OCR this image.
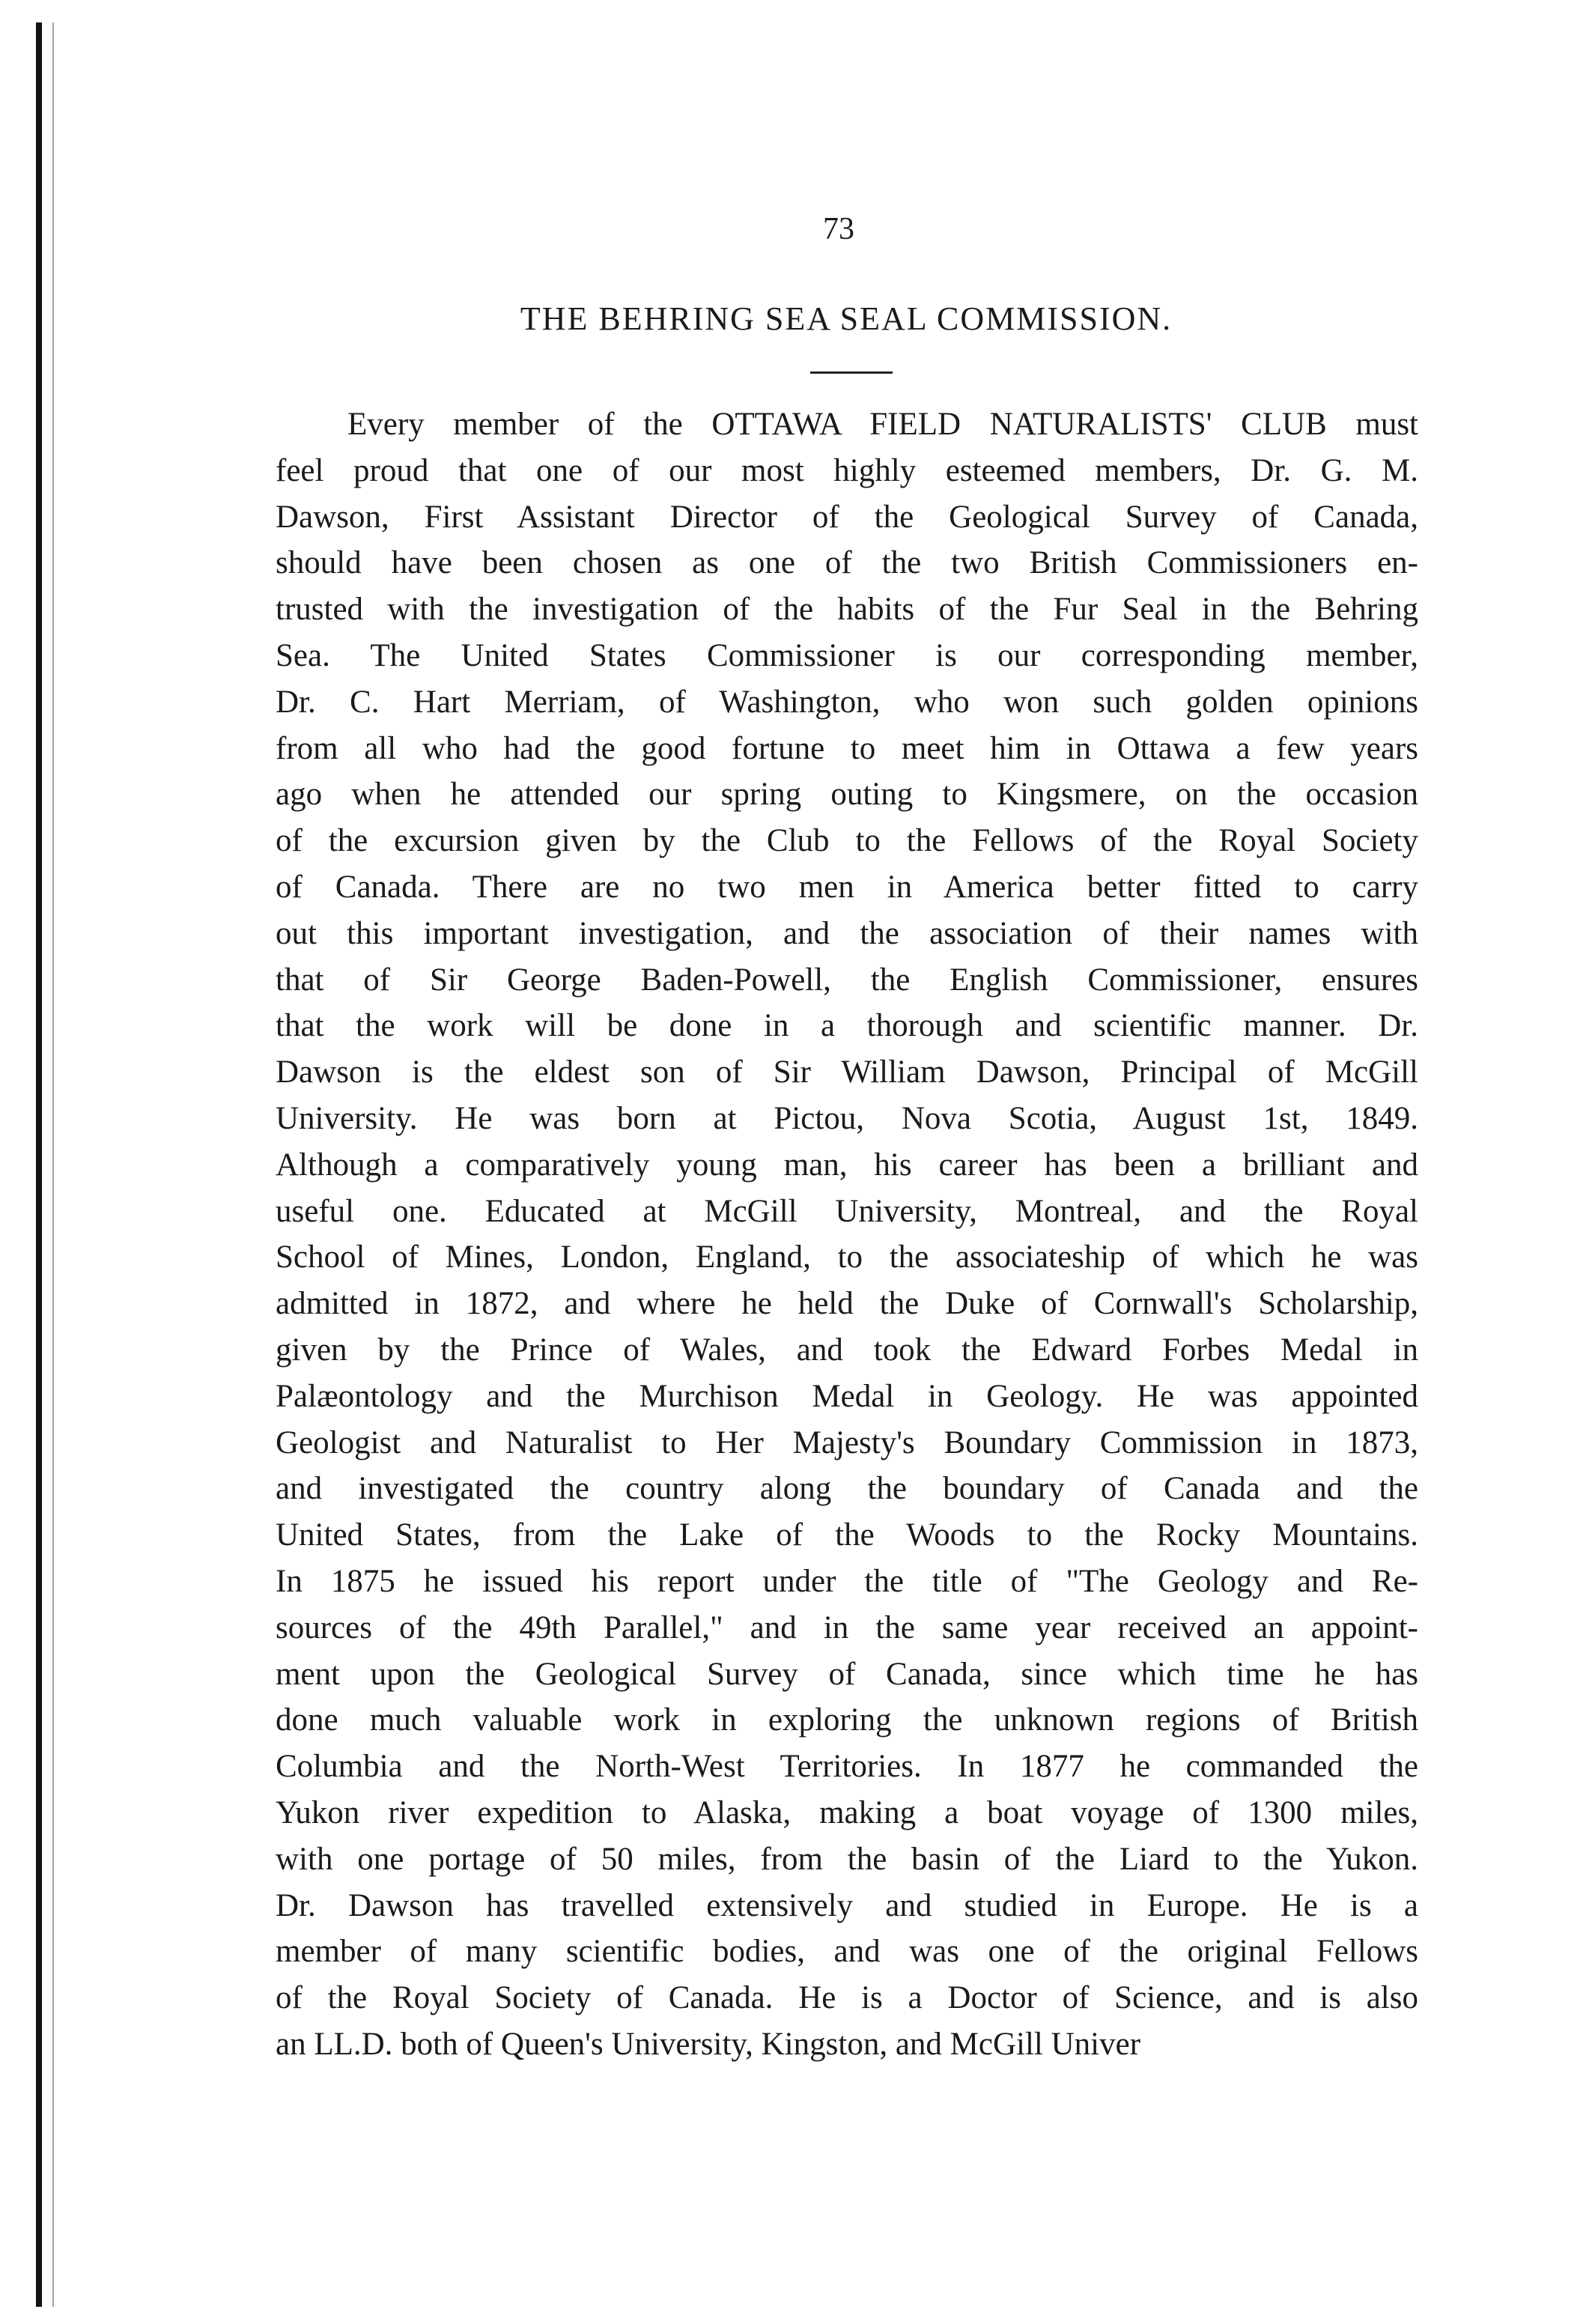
73
THE BEHRING SEA SEAL COMMISSION.
Every member of the OTTAWA FIELD NATURALISTS' CLUB must
feel proud that one of our most highly esteemed members, Dr. G. M.
Dawson, First Assistant Director of the Geological Survey of Canada,
should have been chosen as one of the two British Commissioners en-
trusted with the investigation of the habits of the Fur Seal in the Behring
Sea. The United States Commissioner is our corresponding member,
Dr. C. Hart Merriam, of Washington, who won such golden opinions
from all who had the good fortune to meet him in Ottawa a few years
ago when he attended our spring outing to Kingsmere, on the occasion
of the excursion given by the Club to the Fellows of the Royal Society
of Canada. There are no two men in America better fitted to carry
out this important investigation, and the association of their names with
that of Sir George Baden-Powell, the English Commissioner, ensures
that the work will be done in a thorough and scientific manner. Dr.
Dawson is the eldest son of Sir William Dawson, Principal of McGill
University. He was born at Pictou, Nova Scotia, August 1st, 1849.
Although a comparatively young man, his career has been a brilliant and
useful one. Educated at McGill University, Montreal, and the Royal
School of Mines, London, England, to the associateship of which he was
admitted in 1872, and where he held the Duke of Cornwall's Scholarship,
given by the Prince of Wales, and took the Edward Forbes Medal in
Palæontology and the Murchison Medal in Geology. He was appointed
Geologist and Naturalist to Her Majesty's Boundary Commission in 1873,
and investigated the country along the boundary of Canada and the
United States, from the Lake of the Woods to the Rocky Mountains.
In 1875 he issued his report under the title of "The Geology and Re-
sources of the 49th Parallel," and in the same year received an appoint-
ment upon the Geological Survey of Canada, since which time he has
done much valuable work in exploring the unknown regions of British
Columbia and the North-West Territories. In 1877 he commanded the
Yukon river expedition to Alaska, making a boat voyage of 1300 miles,
with one portage of 50 miles, from the basin of the Liard to the Yukon.
Dr. Dawson has travelled extensively and studied in Europe. He is a
member of many scientific bodies, and was one of the original Fellows
of the Royal Society of Canada. He is a Doctor of Science, and is also
an LL.D. both of Queen's University, Kingston, and McGill Univer
